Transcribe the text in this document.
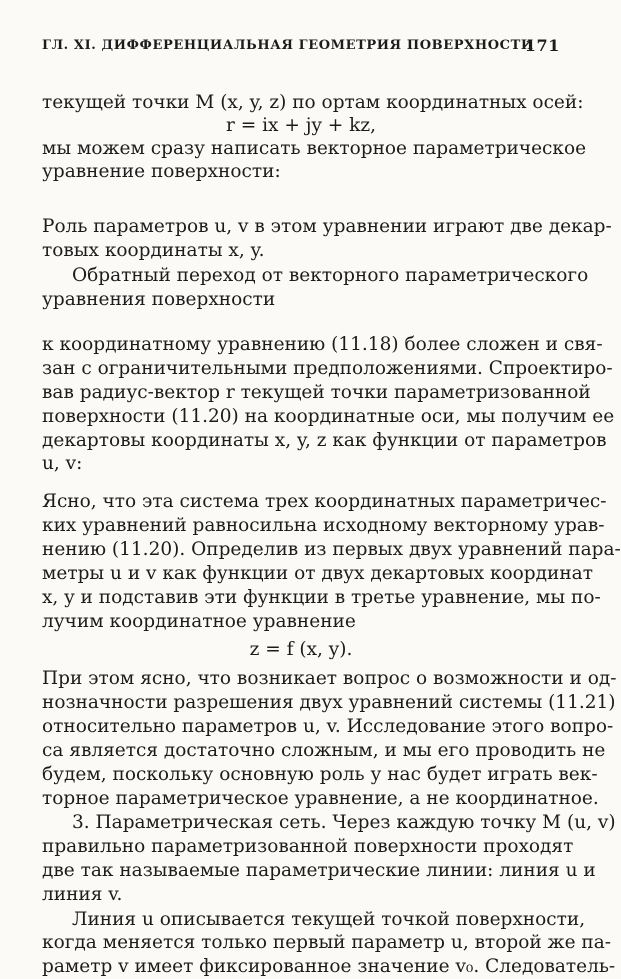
ГЛ. XI. ДИФФЕРЕНЦИАЛЬНАЯ ГЕОМЕТРИЯ ПОВЕРХНОСТИ
171
текущей точки M (x, y, z) по ортам координатных осей:
r = ix + jy + kz,
мы можем сразу написать векторное параметрическое
уравнение поверхности:
Роль параметров u, v в этом уравнении играют две декар-
товых координаты x, y.
Обратный переход от векторного параметрического
уравнения поверхности
к координатному уравнению (11.18) более сложен и свя-
зан с ограничительными предположениями. Спроектиро-
вав радиус-вектор r текущей точки параметризованной
поверхности (11.20) на координатные оси, мы получим ее
декартовы координаты x, y, z как функции от параметров
u, v:
Ясно, что эта система трех координатных параметричес-
ких уравнений равносильна исходному векторному урав-
нению (11.20). Определив из первых двух уравнений пара-
метры u и v как функции от двух декартовых координат
x, y и подставив эти функции в третье уравнение, мы по-
лучим координатное уравнение
z = f (x, y).
При этом ясно, что возникает вопрос о возможности и од-
нозначности разрешения двух уравнений системы (11.21)
относительно параметров u, v. Исследование этого вопро-
са является достаточно сложным, и мы его проводить не
будем, поскольку основную роль у нас будет играть век-
торное параметрическое уравнение, а не координатное.
3. Параметрическая сеть. Через каждую точку M (u, v)
правильно параметризованной поверхности проходят
две так называемые параметрические линии: линия u и
линия v.
Линия u описывается текущей точкой поверхности,
когда меняется только первый параметр u, второй же па-
раметр v имеет фиксированное значение v₀. Следователь-
